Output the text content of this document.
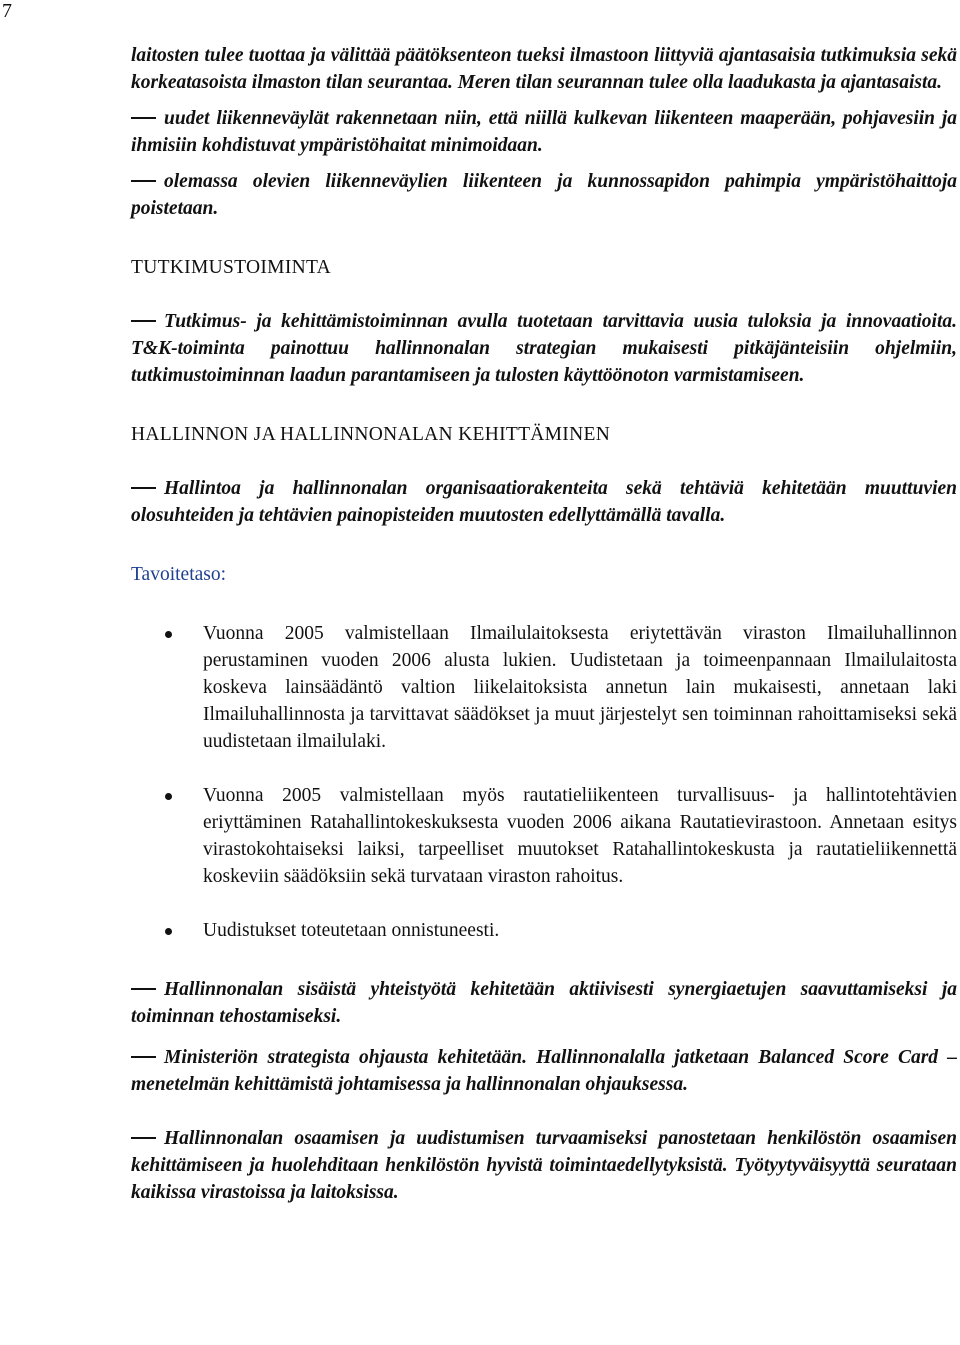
7

laitosten tulee tuottaa ja välittää päätöksenteon tueksi ilmastoon liittyviä ajantasaisia tutkimuksia sekä korkeatasoista ilmaston tilan seurantaa. Meren tilan seurannan tulee olla laadukasta ja ajantasaista.

uudet liikenneväylät rakennetaan niin, että niillä kulkevan liikenteen maaperään, pohjavesiin ja ihmisiin kohdistuvat ympäristöhaitat minimoidaan.

olemassa olevien liikenneväylien liikenteen ja kunnossapidon pahimpia ympäristöhaittoja poistetaan.

TUTKIMUSTOIMINTA

Tutkimus- ja kehittämistoiminnan avulla tuotetaan tarvittavia uusia tuloksia ja innovaatioita. T&K-toiminta painottuu hallinnonalan strategian mukaisesti pitkäjänteisiin ohjelmiin, tutkimustoiminnan laadun parantamiseen ja tulosten käyttöönoton varmistamiseen.

HALLINNON JA HALLINNONALAN KEHITTÄMINEN

Hallintoa ja hallinnonalan organisaatiorakenteita sekä tehtäviä kehitetään muuttuvien olosuhteiden ja tehtävien painopisteiden muutosten edellyttämällä tavalla.

Tavoitetaso:

Vuonna 2005 valmistellaan Ilmailulaitoksesta eriytettävän viraston Ilmailuhallinnon perustaminen vuoden 2006 alusta lukien. Uudistetaan ja toimeenpannaan Ilmailulaitosta koskeva lainsäädäntö valtion liikelaitoksista annetun lain mukaisesti, annetaan laki Ilmailuhallinnosta ja tarvittavat säädökset ja muut järjestelyt sen toiminnan rahoittamiseksi sekä uudistetaan ilmailulaki.
Vuonna 2005 valmistellaan myös rautatieliikenteen turvallisuus- ja hallintotehtävien eriyttäminen Ratahallintokeskuksesta vuoden 2006 aikana Rautatievirastoon. Annetaan esitys virastokohtaiseksi laiksi, tarpeelliset muutokset Ratahallintokeskusta ja rautatieliikennettä koskeviin säädöksiin sekä turvataan viraston rahoitus.
Uudistukset toteutetaan onnistuneesti.

Hallinnonalan sisäistä yhteistyötä kehitetään aktiivisesti synergiaetujen saavuttamiseksi ja toiminnan tehostamiseksi.

Ministeriön strategista ohjausta kehitetään. Hallinnonalalla jatketaan Balanced Score Card –menetelmän kehittämistä johtamisessa ja hallinnonalan ohjauksessa.

Hallinnonalan osaamisen ja uudistumisen turvaamiseksi panostetaan henkilöstön osaamisen kehittämiseen ja huolehditaan henkilöstön hyvistä toimintaedellytyksistä. Työtyytyväisyyttä seurataan kaikissa virastoissa ja laitoksissa.
